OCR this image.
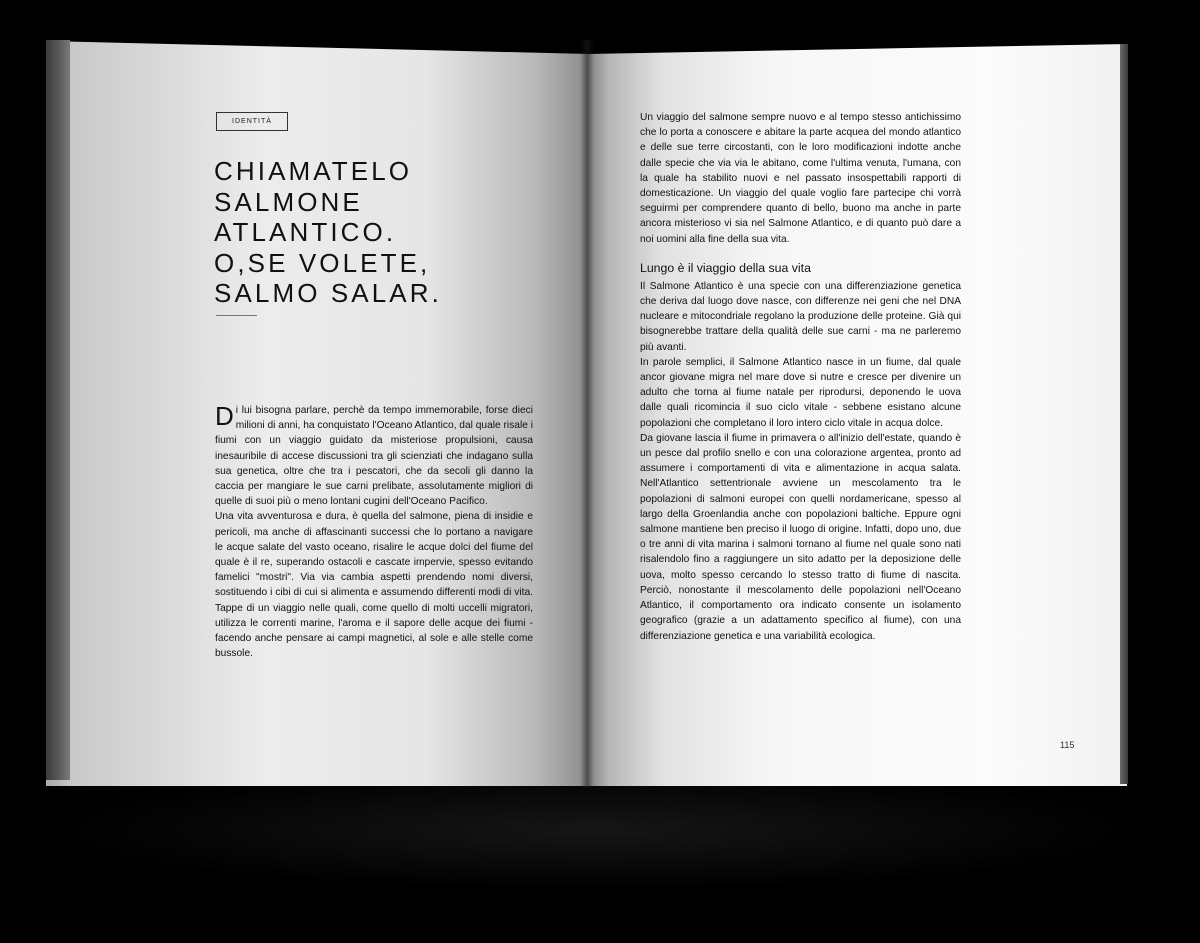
IDENTITÀ
CHIAMATELO
SALMONE
ATLANTICO.
O,SE VOLETE,
SALMO SALAR.

Di lui bisogna parlare, perchè da tempo immemorabile, forse dieci milioni di anni, ha conquistato l'Oceano Atlantico, dal quale risale i fiumi con un viaggio guidato da misteriose propulsioni, causa inesauribile di accese discussioni tra gli scienziati che indagano sulla sua genetica, oltre che tra i pescatori, che da secoli gli danno la caccia per mangiare le sue carni prelibate, assolutamente migliori di quelle di suoi più o meno lontani cugini dell'Oceano Pacifico.

Una vita avventurosa e dura, è quella del salmone, piena di insidie e pericoli, ma anche di affascinanti successi che lo portano a navigare le acque salate del vasto oceano, risalire le acque dolci del fiume del quale è il re, superando ostacoli e cascate impervie, spesso evitando famelici "mostri". Via via cambia aspetti prendendo nomi diversi, sostituendo i cibi di cui si alimenta e assumendo differenti modi di vita. Tappe di un viaggio nelle quali, come quello di molti uccelli migratori, utilizza le correnti marine, l'aroma e il sapore delle acque dei fiumi - facendo anche pensare ai campi magnetici, al sole e alle stelle come bussole.

Un viaggio del salmone sempre nuovo e al tempo stesso antichissimo che lo porta a conoscere e abitare la parte acquea del mondo atlantico e delle sue terre circostanti, con le loro modificazioni indotte anche dalle specie che via via le abitano, come l'ultima venuta, l'umana, con la quale ha stabilito nuovi e nel passato insospettabili rapporti di domesticazione. Un viaggio del quale voglio fare partecipe chi vorrà seguirmi per comprendere quanto di bello, buono ma anche in parte ancora misterioso vi sia nel Salmone Atlantico, e di quanto può dare a noi uomini alla fine della sua vita.

Lungo è il viaggio della sua vita

Il Salmone Atlantico è una specie con una differenziazione genetica che deriva dal luogo dove nasce, con differenze nei geni che nel DNA nucleare e mitocondriale regolano la produzione delle proteine. Già qui bisognerebbe trattare della qualità delle sue carni - ma ne parleremo più avanti.

In parole semplici, il Salmone Atlantico nasce in un fiume, dal quale ancor giovane migra nel mare dove si nutre e cresce per divenire un adulto che torna al fiume natale per riprodursi, deponendo le uova dalle quali ricomincia il suo ciclo vitale - sebbene esistano alcune popolazioni che completano il loro intero ciclo vitale in acqua dolce.

Da giovane lascia il fiume in primavera o all'inizio dell'estate, quando è un pesce dal profilo snello e con una colorazione argentea, pronto ad assumere i comportamenti di vita e alimentazione in acqua salata. Nell'Atlantico settentrionale avviene un mescolamento tra le popolazioni di salmoni europei con quelli nordamericane, spesso al largo della Groenlandia anche con popolazioni baltiche. Eppure ogni salmone mantiene ben preciso il luogo di origine. Infatti, dopo uno, due o tre anni di vita marina i salmoni tornano al fiume nel quale sono nati risalendolo fino a raggiungere un sito adatto per la deposizione delle uova, molto spesso cercando lo stesso tratto di fiume di nascita. Perciò, nonostante il mescolamento delle popolazioni nell'Oceano Atlantico, il comportamento ora indicato consente un isolamento geografico (grazie a un adattamento specifico al fiume), con una differenziazione genetica e una variabilità ecologica.

115
